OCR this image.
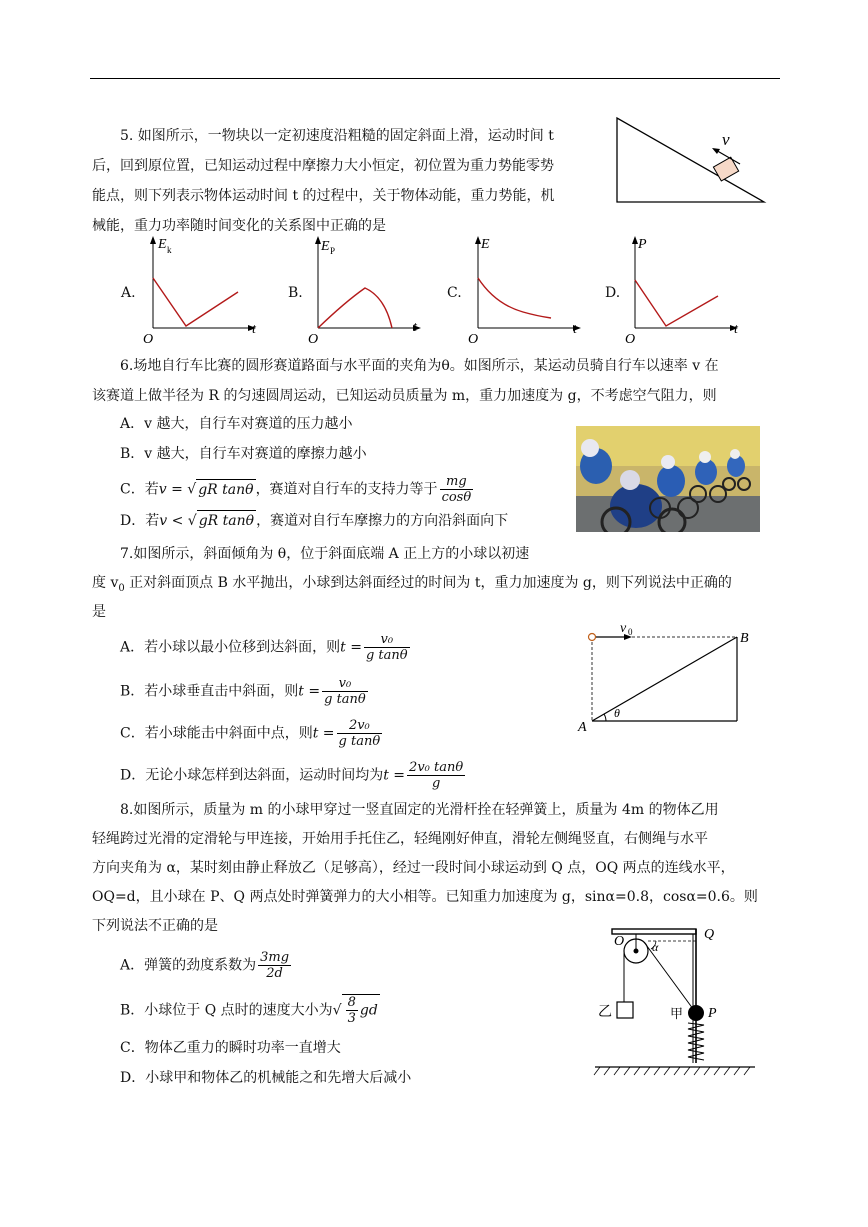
5. 如图所示，一物块以一定初速度沿粗糙的固定斜面上滑，运动时间 t
后，回到原位置，已知运动过程中摩擦力大小恒定，初位置为重力势能零势
能点，则下列表示物体运动时间 t 的过程中，关于物体动能，重力势能，机
械能，重力功率随时间变化的关系图中正确的是
v
A.
E k
O
t
B.
E P
O
t
C.
E
O
t
D.
P
O
t
6.场地自行车比赛的圆形赛道路面与水平面的夹角为θ。如图所示，某运动员骑自行车以速率 v 在
该赛道上做半径为 R 的匀速圆周运动，已知运动员质量为 m，重力加速度为 g，不考虑空气阻力，则
A．v 越大，自行车对赛道的压力越小
B．v 越大，自行车对赛道的摩擦力越小
C．若v = √ gR tanθ ，赛道对自行车的支持力等于 $\frac{mg}{\cos\theta}$
D．若v < √ gR tanθ ，赛道对自行车摩擦力的方向沿斜面向下
7.如图所示，斜面倾角为 θ，位于斜面底端 A 正上方的小球以初速
度 $v_0$ 正对斜面顶点 B 水平抛出，小球到达斜面经过的时间为 t，重力加速度为 g，则下列说法中正确的
是
A．若小球以最小位移到达斜面，则$t = \frac{\text{v₀}}{\text{g tanθ}}$
B．若小球垂直击中斜面，则$t = \frac{\text{v₀}}{\text{g tanθ}}$
C．若小球能击中斜面中点，则$t = \frac{\text{2v₀}}{\text{g tanθ}}$
D．无论小球怎样到达斜面，运动时间均为$t = \frac{\text{2v₀ tanθ}}{g}$
v 0	B
A
θ
8.如图所示，质量为 m 的小球甲穿过一竖直固定的光滑杆拴在轻弹簧上，质量为 4m 的物体乙用
轻绳跨过光滑的定滑轮与甲连接，开始用手托住乙，轻绳刚好伸直，滑轮左侧绳竖直，右侧绳与水平
方向夹角为 α，某时刻由静止释放乙（足够高），经过一段时间小球运动到 Q 点，OQ 两点的连线水平，
OQ=d，且小球在 P、Q 两点处时弹簧弹力的大小相等。已知重力加速度为 g，sinα=0.8，cosα=0.6。则
下列说法不正确的是
A．弹簧的劲度系数为 $\frac{3mg}{2d}$
B．小球位于 Q 点时的速度大小为√ $\frac{8}{3}$ gd
C．物体乙重力的瞬时功率一直增大
D．小球甲和物体乙的机械能之和先增大后减小
O	Q
α
乙	甲 P
